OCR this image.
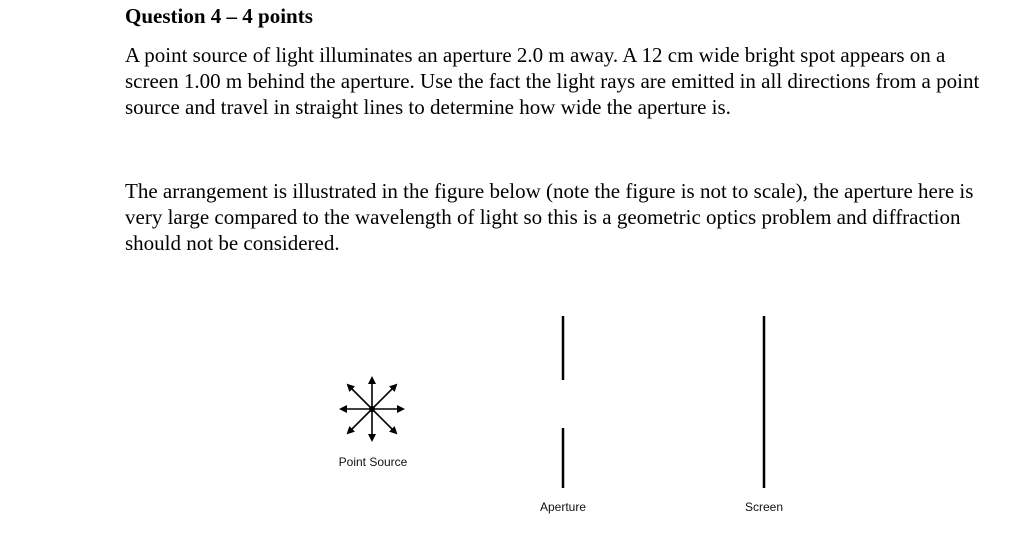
Question 4 – 4 points

A point source of light illuminates an aperture 2.0 m away. A 12 cm wide bright spot appears on a screen 1.00 m behind the aperture. Use the fact the light rays are emitted in all directions from a point source and travel in straight lines to determine how wide the aperture is.

The arrangement is illustrated in the figure below (note the figure is not to scale), the aperture here is very large compared to the wavelength of light so this is a geometric optics problem and diffraction should not be considered.

Point Source
Aperture	Screen
